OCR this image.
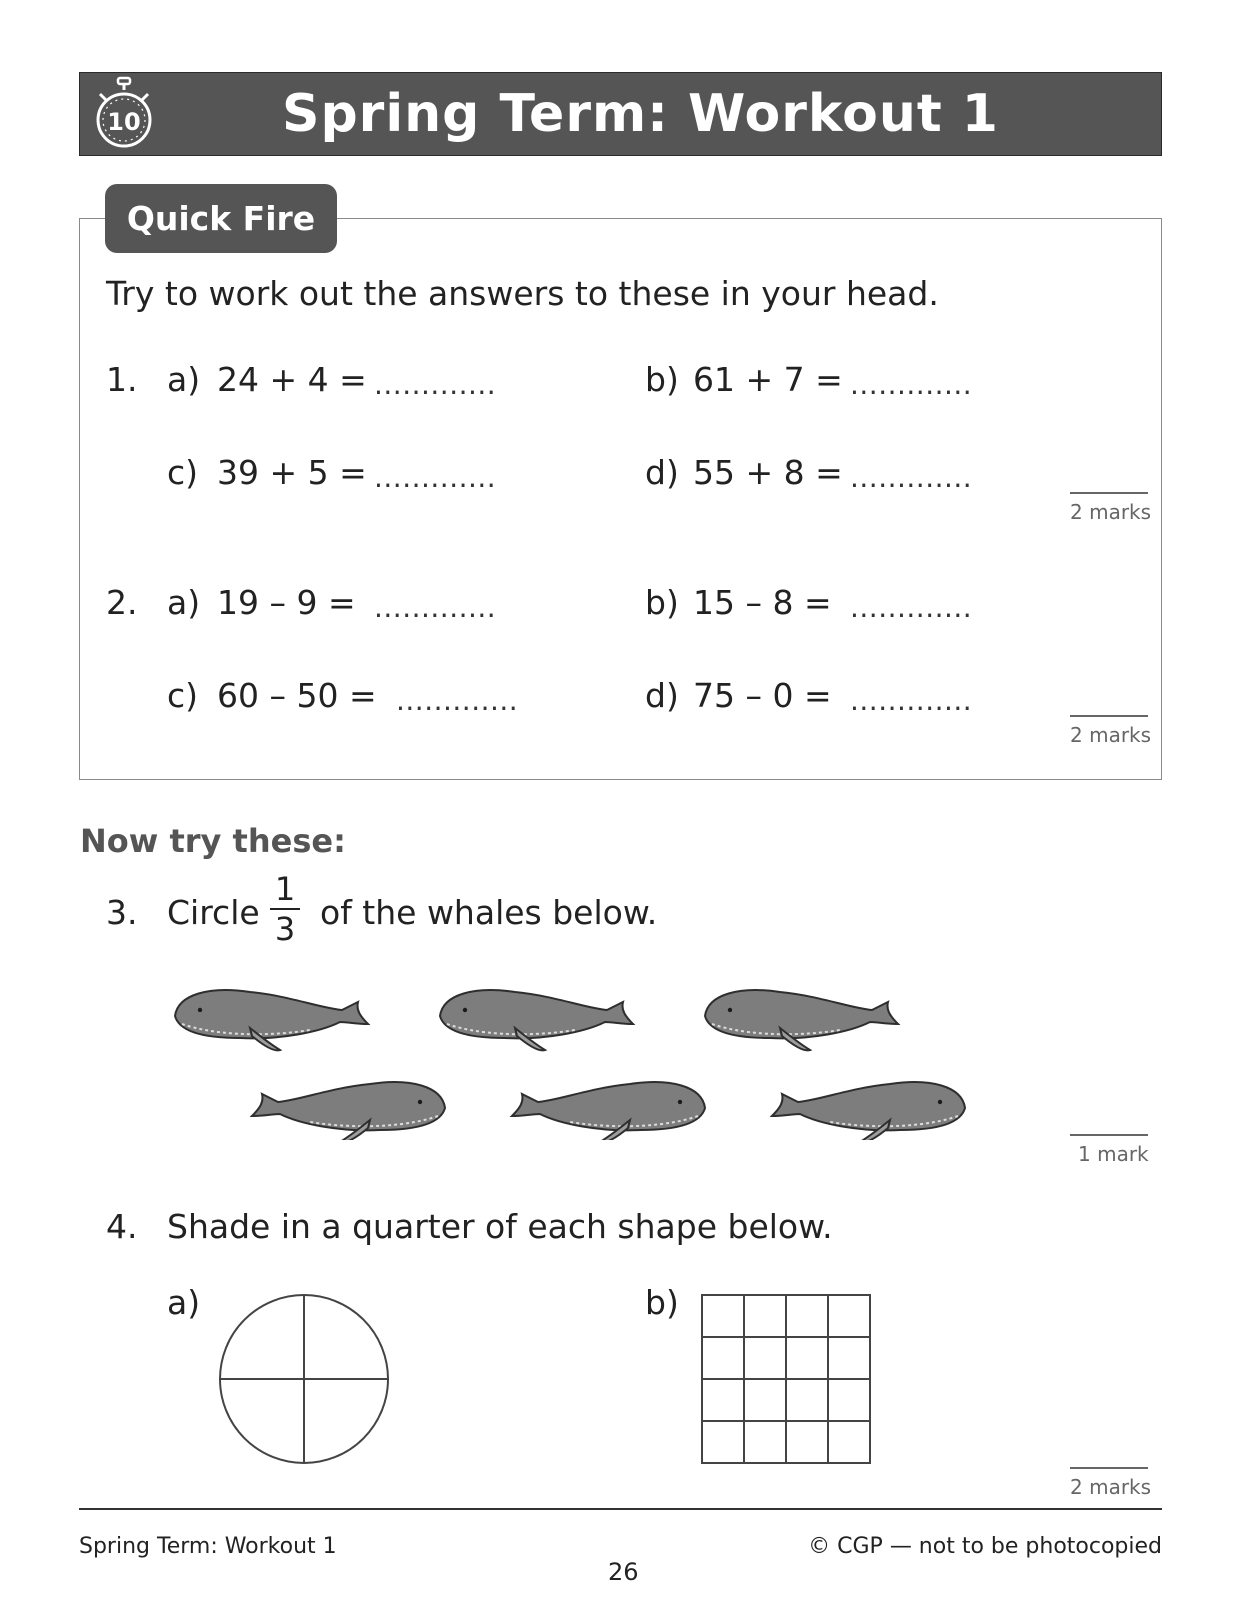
10	Spring Term: Workout 1
Quick Fire
Try to work out the answers to these in your head.
1. a) 24 + 4 = .............	b) 61 + 7 = .............
c) 39 + 5 = .............	d) 55 + 8 = .............
2 marks
2. a) 19 – 9 = .............	b) 15 – 8 = .............
c) 60 – 50 = .............	d) 75 – 0 = .............
2 marks
Now try these:
3. Circle $\frac{1}{3}$ of the whales below.
1 mark
4. Shade in a quarter of each shape below.
a)	b)
2 marks
Spring Term: Workout 1
26
© CGP — not to be photocopied
